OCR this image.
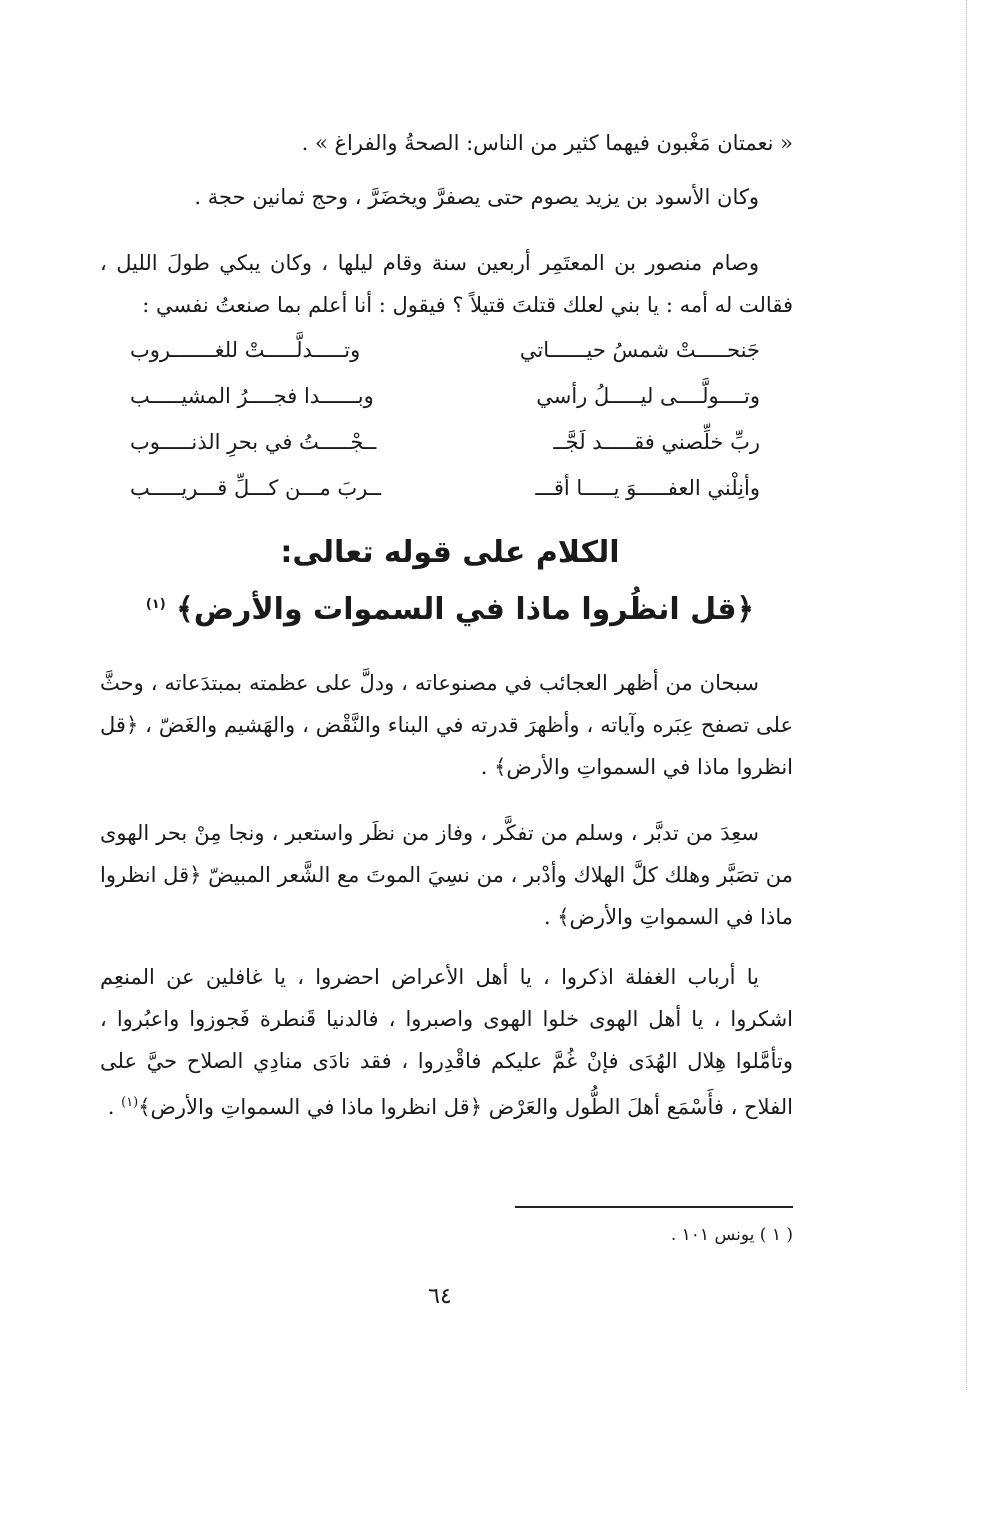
« نعمتان مَغْبون فيهما كثير من الناس: الصحةُ والفراغ » .
وكان الأسود بن يزيد يصوم حتى يصفرَّ ويخضَرَّ ، وحج ثمانين حجة .
وصام منصور بن المعتَمِر أربعين سنة وقام ليلها ، وكان يبكي طولَ الليل ، فقالت له أمه : يا بني لعلك قتلتَ قتيلاً ؟ فيقول : أنا أعلم بما صنعتُ نفسي :
جَنحـــــتْ شمسُ حيــــــاتي
وتـــــدلَّـــــتْ للغـــــــروب
وتــــولَّــــى ليـــــلُ رأسي
وبــــــدا فجــــرُ المشيـــــب
ربِّ خلِّصني فقـــــد لَجَّــ
ــجْـــــتُ في بحرِ الذنـــــوب
وأنِلْني العفـــــوَ يـــــا أقـــ
ــربَ مـــن كـــلِّ قـــريـــــب
الكلام على قوله تعالى:
﴿قل انظُروا ماذا في السموات والأرض﴾ $^{(١)}$
سبحان من أظهر العجائب في مصنوعاته ، ودلَّ على عظمته بمبتدَعاته ، وحثَّ على تصفح عِبَره وآياته ، وأظهرَ قدرته في البناء والنَّقْض ، والهَشيم والغَضّ ، ﴿قل انظروا ماذا في السمواتِ والأرض﴾ .
سعِدَ من تدبَّر ، وسلم من تفكَّر ، وفاز من نظَر واستعبر ، ونجا مِنْ بحر الهوى من تصَبَّر وهلك كلَّ الهلاك وأدْبر ، من نسِيَ الموتَ مع الشَّعر المبيضّ ﴿قل انظروا ماذا في السمواتِ والأرض﴾ .
يا أرباب الغفلة اذكروا ، يا أهل الأعراض احضروا ، يا غافلين عن المنعِم اشكروا ، يا أهل الهوى خلوا الهوى واصبروا ، فالدنيا قَنطرة فَجوزوا واعبُروا ، وتأمَّلوا هِلال الهُدَى فإنْ غُمَّ عليكم فاقْدِروا ، فقد نادَى منادِي الصلاح حيَّ على الفلاح ، فأَسْمَع أهلَ الطُّول والعَرْض ﴿قل انظروا ماذا في السمواتِ والأرض﴾$^{(١)}$ .
( ١ ) يونس ١٠١ .
٦٤
